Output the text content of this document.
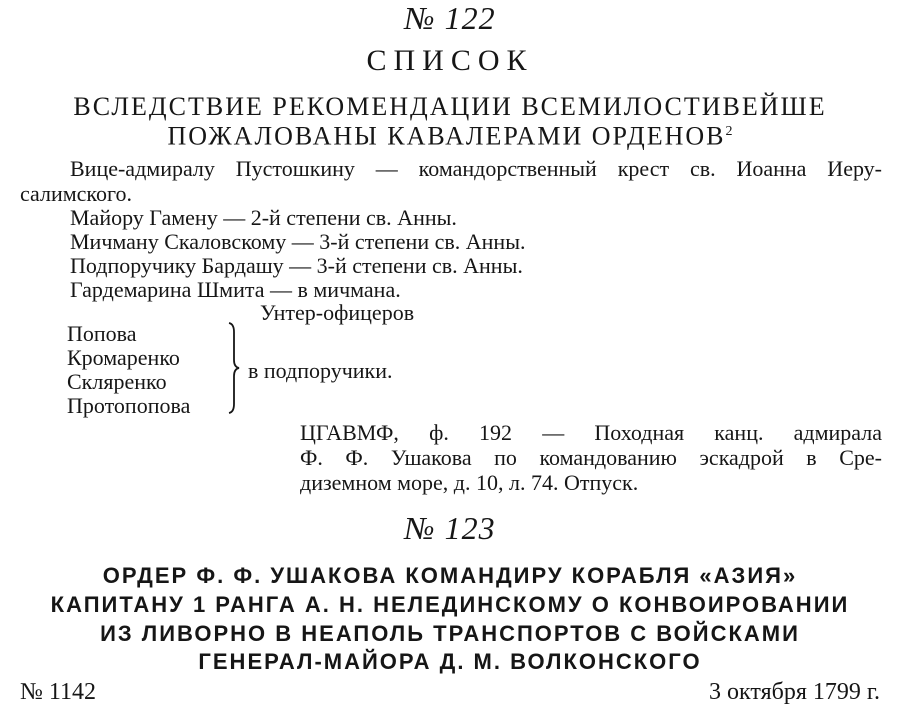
№ 122
СПИСОК
ВСЛЕДСТВИЕ РЕКОМЕНДАЦИИ ВСЕМИЛОСТИВЕЙШЕ
ПОЖАЛОВАНЫ КАВАЛЕРАМИ ОРДЕНОВ$^2$
Вице-адмиралу Пустошкину — командорственный крест св. Иоанна Иеру-
салимского.
Майору Гамену — 2-й степени св. Анны.
Мичману Скаловскому — 3-й степени св. Анны.
Подпоручику Бардашу — 3-й степени св. Анны.
Гардемарина Шмита — в мичмана.
Унтер-офицеров
Попова
Кромаренко
Скляренко
Протопопова
в подпоручики.
ЦГАВМФ, ф. 192 — Походная канц. адмирала
Ф. Ф. Ушакова по командованию эскадрой в Сре-
диземном море, д. 10, л. 74. Отпуск.
№ 123
ОРДЕР Ф. Ф. УШАКОВА КОМАНДИРУ КОРАБЛЯ «АЗИЯ»
КАПИТАНУ 1 РАНГА А. Н. НЕЛЕДИНСКОМУ О КОНВОИРОВАНИИ
ИЗ ЛИВОРНО В НЕАПОЛЬ ТРАНСПОРТОВ С ВОЙСКАМИ
ГЕНЕРАЛ-МАЙОРА Д. М. ВОЛКОНСКОГО
№ 1142	3 октября 1799 г.
